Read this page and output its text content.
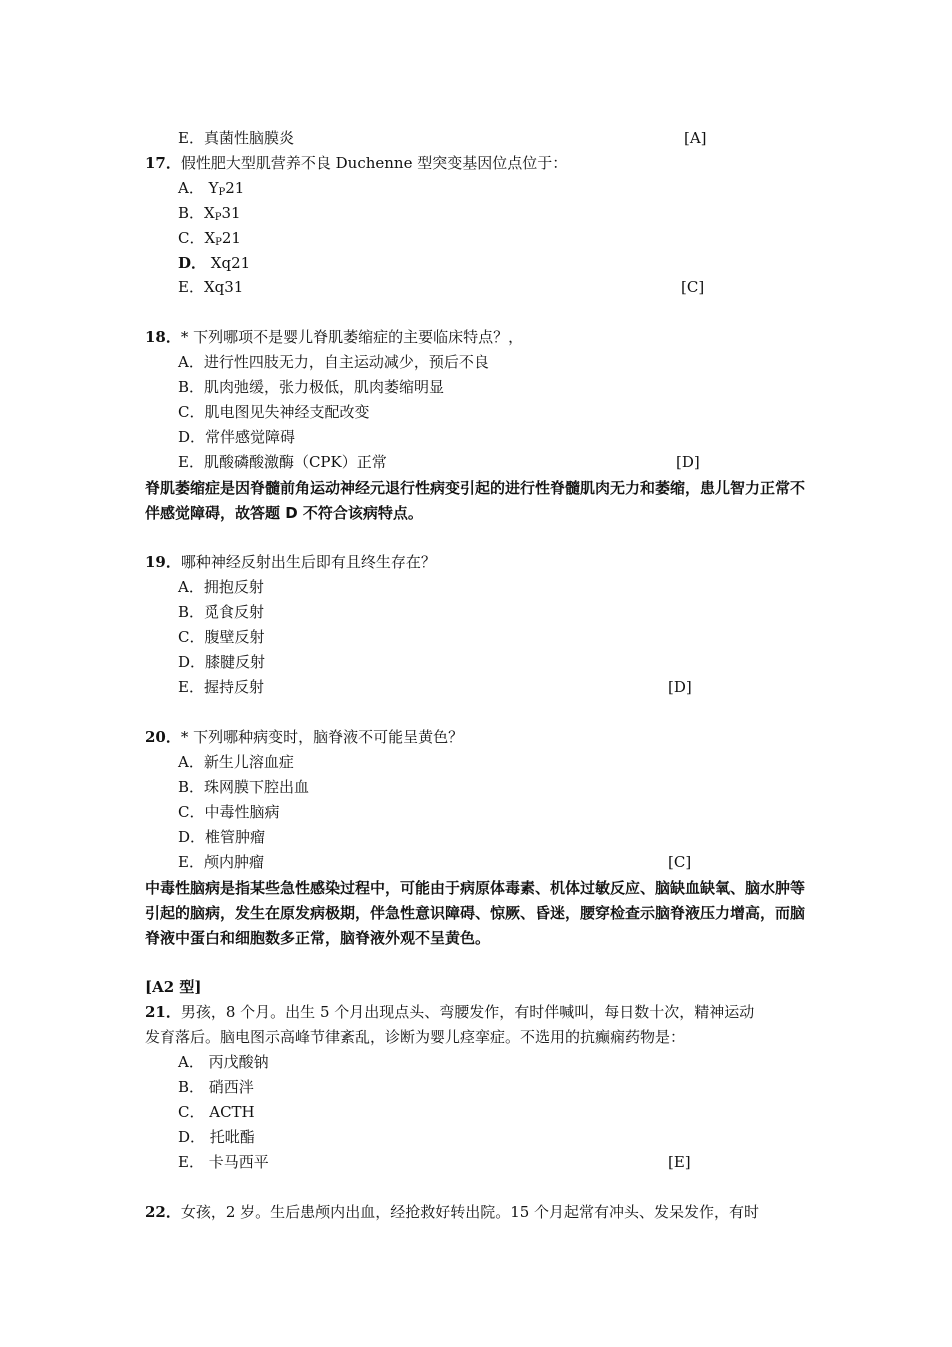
E．真菌性脑膜炎	[A]
17．假性肥大型肌营养不良 Duchenne 型突变基因位点位于：
A． $Y_P21$
B．$X_P31$
C．$X_P21$
D． Xq21
E．Xq31	[C]
18．* 下列哪项不是婴儿脊肌萎缩症的主要临床特点？，
A．进行性四肢无力，自主运动减少，预后不良
B．肌肉弛缓，张力极低，肌肉萎缩明显
C．肌电图见失神经支配改变
D．常伴感觉障碍
E．肌酸磷酸激酶（CPK）正常	[D]
脊肌萎缩症是因脊髓前角运动神经元退行性病变引起的进行性脊髓肌肉无力和萎缩，患儿智力正常不伴感觉障碍，故答题 D 不符合该病特点。
19．哪种神经反射出生后即有且终生存在？
A．拥抱反射
B．觅食反射
C．腹壁反射
D．膝腱反射
E．握持反射	[D]
20．* 下列哪种病变时，脑脊液不可能呈黄色？
A．新生儿溶血症
B．珠网膜下腔出血
C．中毒性脑病
D．椎管肿瘤
E．颅内肿瘤	[C]
中毒性脑病是指某些急性感染过程中，可能由于病原体毒素、机体过敏反应、脑缺血缺氧、脑水肿等引起的脑病，发生在原发病极期，伴急性意识障碍、惊厥、昏迷，腰穿检查示脑脊液压力增高，而脑脊液中蛋白和细胞数多正常，脑脊液外观不呈黄色。
[A2 型]
21．男孩，8 个月。出生 5 个月出现点头、弯腰发作，有时伴喊叫，每日数十次，精神运动
发育落后。脑电图示高峰节律紊乱，诊断为婴儿痉挛症。不选用的抗癫痫药物是：
A． 丙戊酸钠
B． 硝西泮
C． ACTH
D． 托吡酯
E． 卡马西平	[E]
22．女孩，2 岁。生后患颅内出血，经抢救好转出院。15 个月起常有冲头、发呆发作，有时
